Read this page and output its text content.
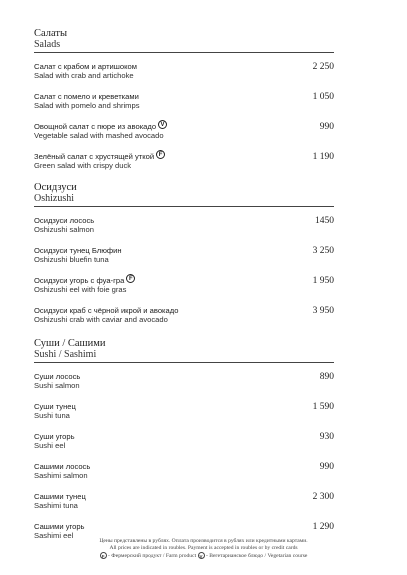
Салаты
Salads
Салат с крабом и артишоком
Salad with crab and artichoke
2 250
Салат с помело и креветками
Salad with pomelo and shrimps
1 050
Овощной салат с пюре из авокадо V
Vegetable salad with mashed avocado
990
Зелёный салат с хрустящей уткой F
Green salad with crispy duck
1 190
Осидзуси
Oshizushi
Осидзуси лосось
Oshizushi salmon
1450
Осидзуси тунец Блюфин
Oshizushi bluefin tuna
3 250
Осидзуси угорь с фуа-гра F
Oshizushi eel with foie gras
1 950
Осидзуси краб с чёрной икрой и авокадо
Oshizushi crab with caviar and avocado
3 950
Суши / Сашими
Sushi / Sashimi
Суши лосось
Sushi salmon
890
Суши тунец
Sushi tuna
1 590
Суши угорь
Sushi eel
930
Сашими лосось
Sashimi salmon
990
Сашими тунец
Sashimi tuna
2 300
Сашими угорь
Sashimi eel
1 290
Цены представлены в рублях. Оплата производится в рублях или кредитными картами.
All prices are indicated in roubles. Payment is accepted in roubles or by credit cards
F - Фермерский продукт / Farm product V - Вегетарианское блюдо / Vegetarian course
